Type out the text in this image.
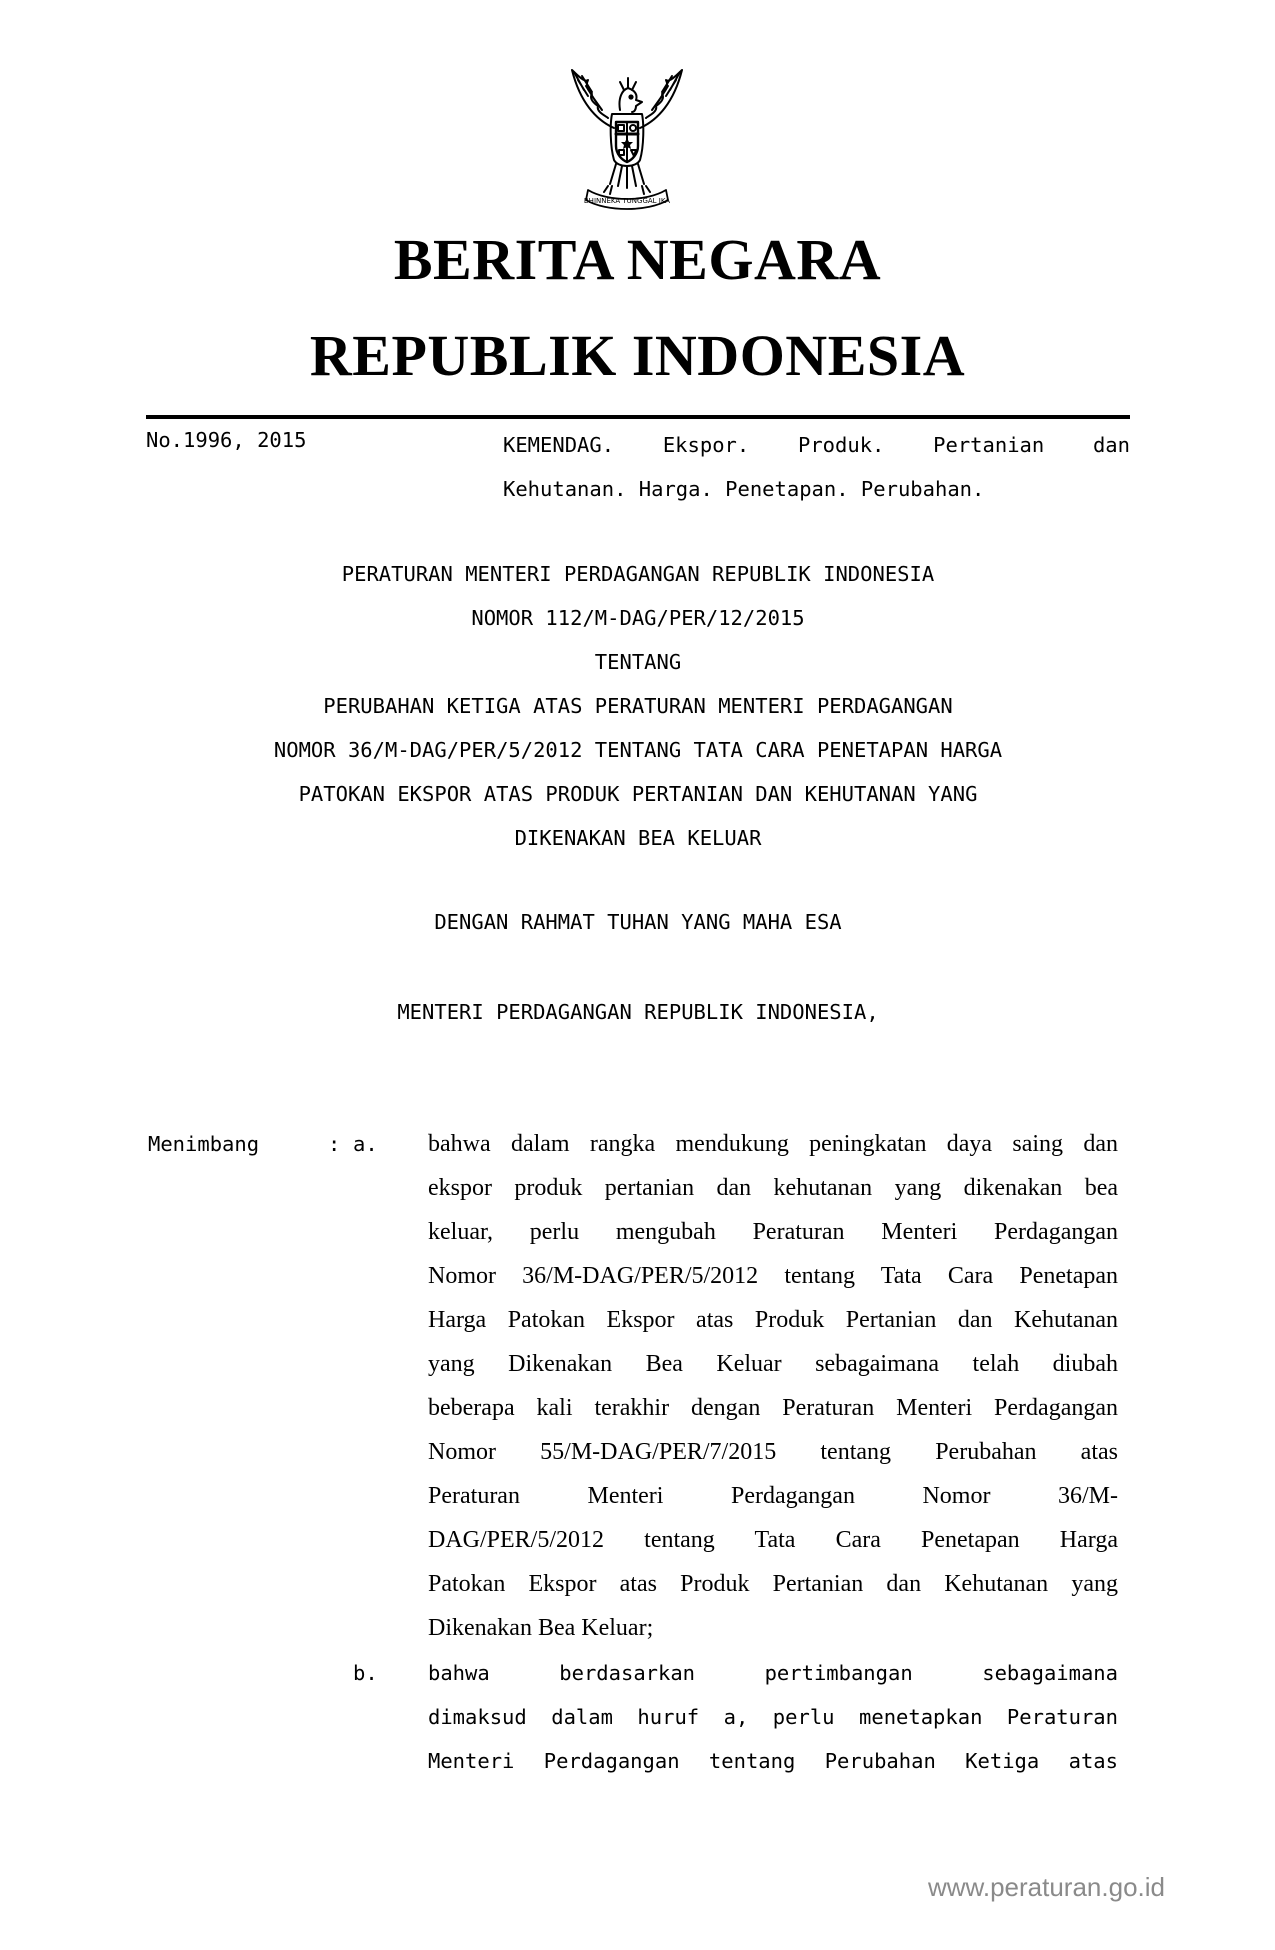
BHINNEKA TUNGGAL IKA
BERITA NEGARA
REPUBLIK INDONESIA
No.1996, 2015	KEMENDAG. Ekspor. Produk. Pertanian dan
Kehutanan. Harga. Penetapan. Perubahan.
PERATURAN MENTERI PERDAGANGAN REPUBLIK INDONESIA
NOMOR 112/M-DAG/PER/12/2015
TENTANG
PERUBAHAN KETIGA ATAS PERATURAN MENTERI PERDAGANGAN
NOMOR 36/M-DAG/PER/5/2012 TENTANG TATA CARA PENETAPAN HARGA
PATOKAN EKSPOR ATAS PRODUK PERTANIAN DAN KEHUTANAN YANG
DIKENAKAN BEA KELUAR
DENGAN RAHMAT TUHAN YANG MAHA ESA
MENTERI PERDAGANGAN REPUBLIK INDONESIA,
Menimbang	: a. bahwa dalam rangka mendukung peningkatan daya saing dan
ekspor produk pertanian dan kehutanan yang dikenakan bea
keluar, perlu mengubah Peraturan Menteri Perdagangan
Nomor 36/M-DAG/PER/5/2012 tentang Tata Cara Penetapan
Harga Patokan Ekspor atas Produk Pertanian dan Kehutanan
yang Dikenakan Bea Keluar sebagaimana telah diubah
beberapa kali terakhir dengan Peraturan Menteri Perdagangan
Nomor 55/M-DAG/PER/7/2015 tentang Perubahan atas
Peraturan Menteri Perdagangan Nomor 36/M-
DAG/PER/5/2012 tentang Tata Cara Penetapan Harga
Patokan Ekspor atas Produk Pertanian dan Kehutanan yang
Dikenakan Bea Keluar;
b. bahwa berdasarkan pertimbangan sebagaimana
dimaksud dalam huruf a, perlu menetapkan Peraturan
Menteri Perdagangan tentang Perubahan Ketiga atas
www.peraturan.go.id
